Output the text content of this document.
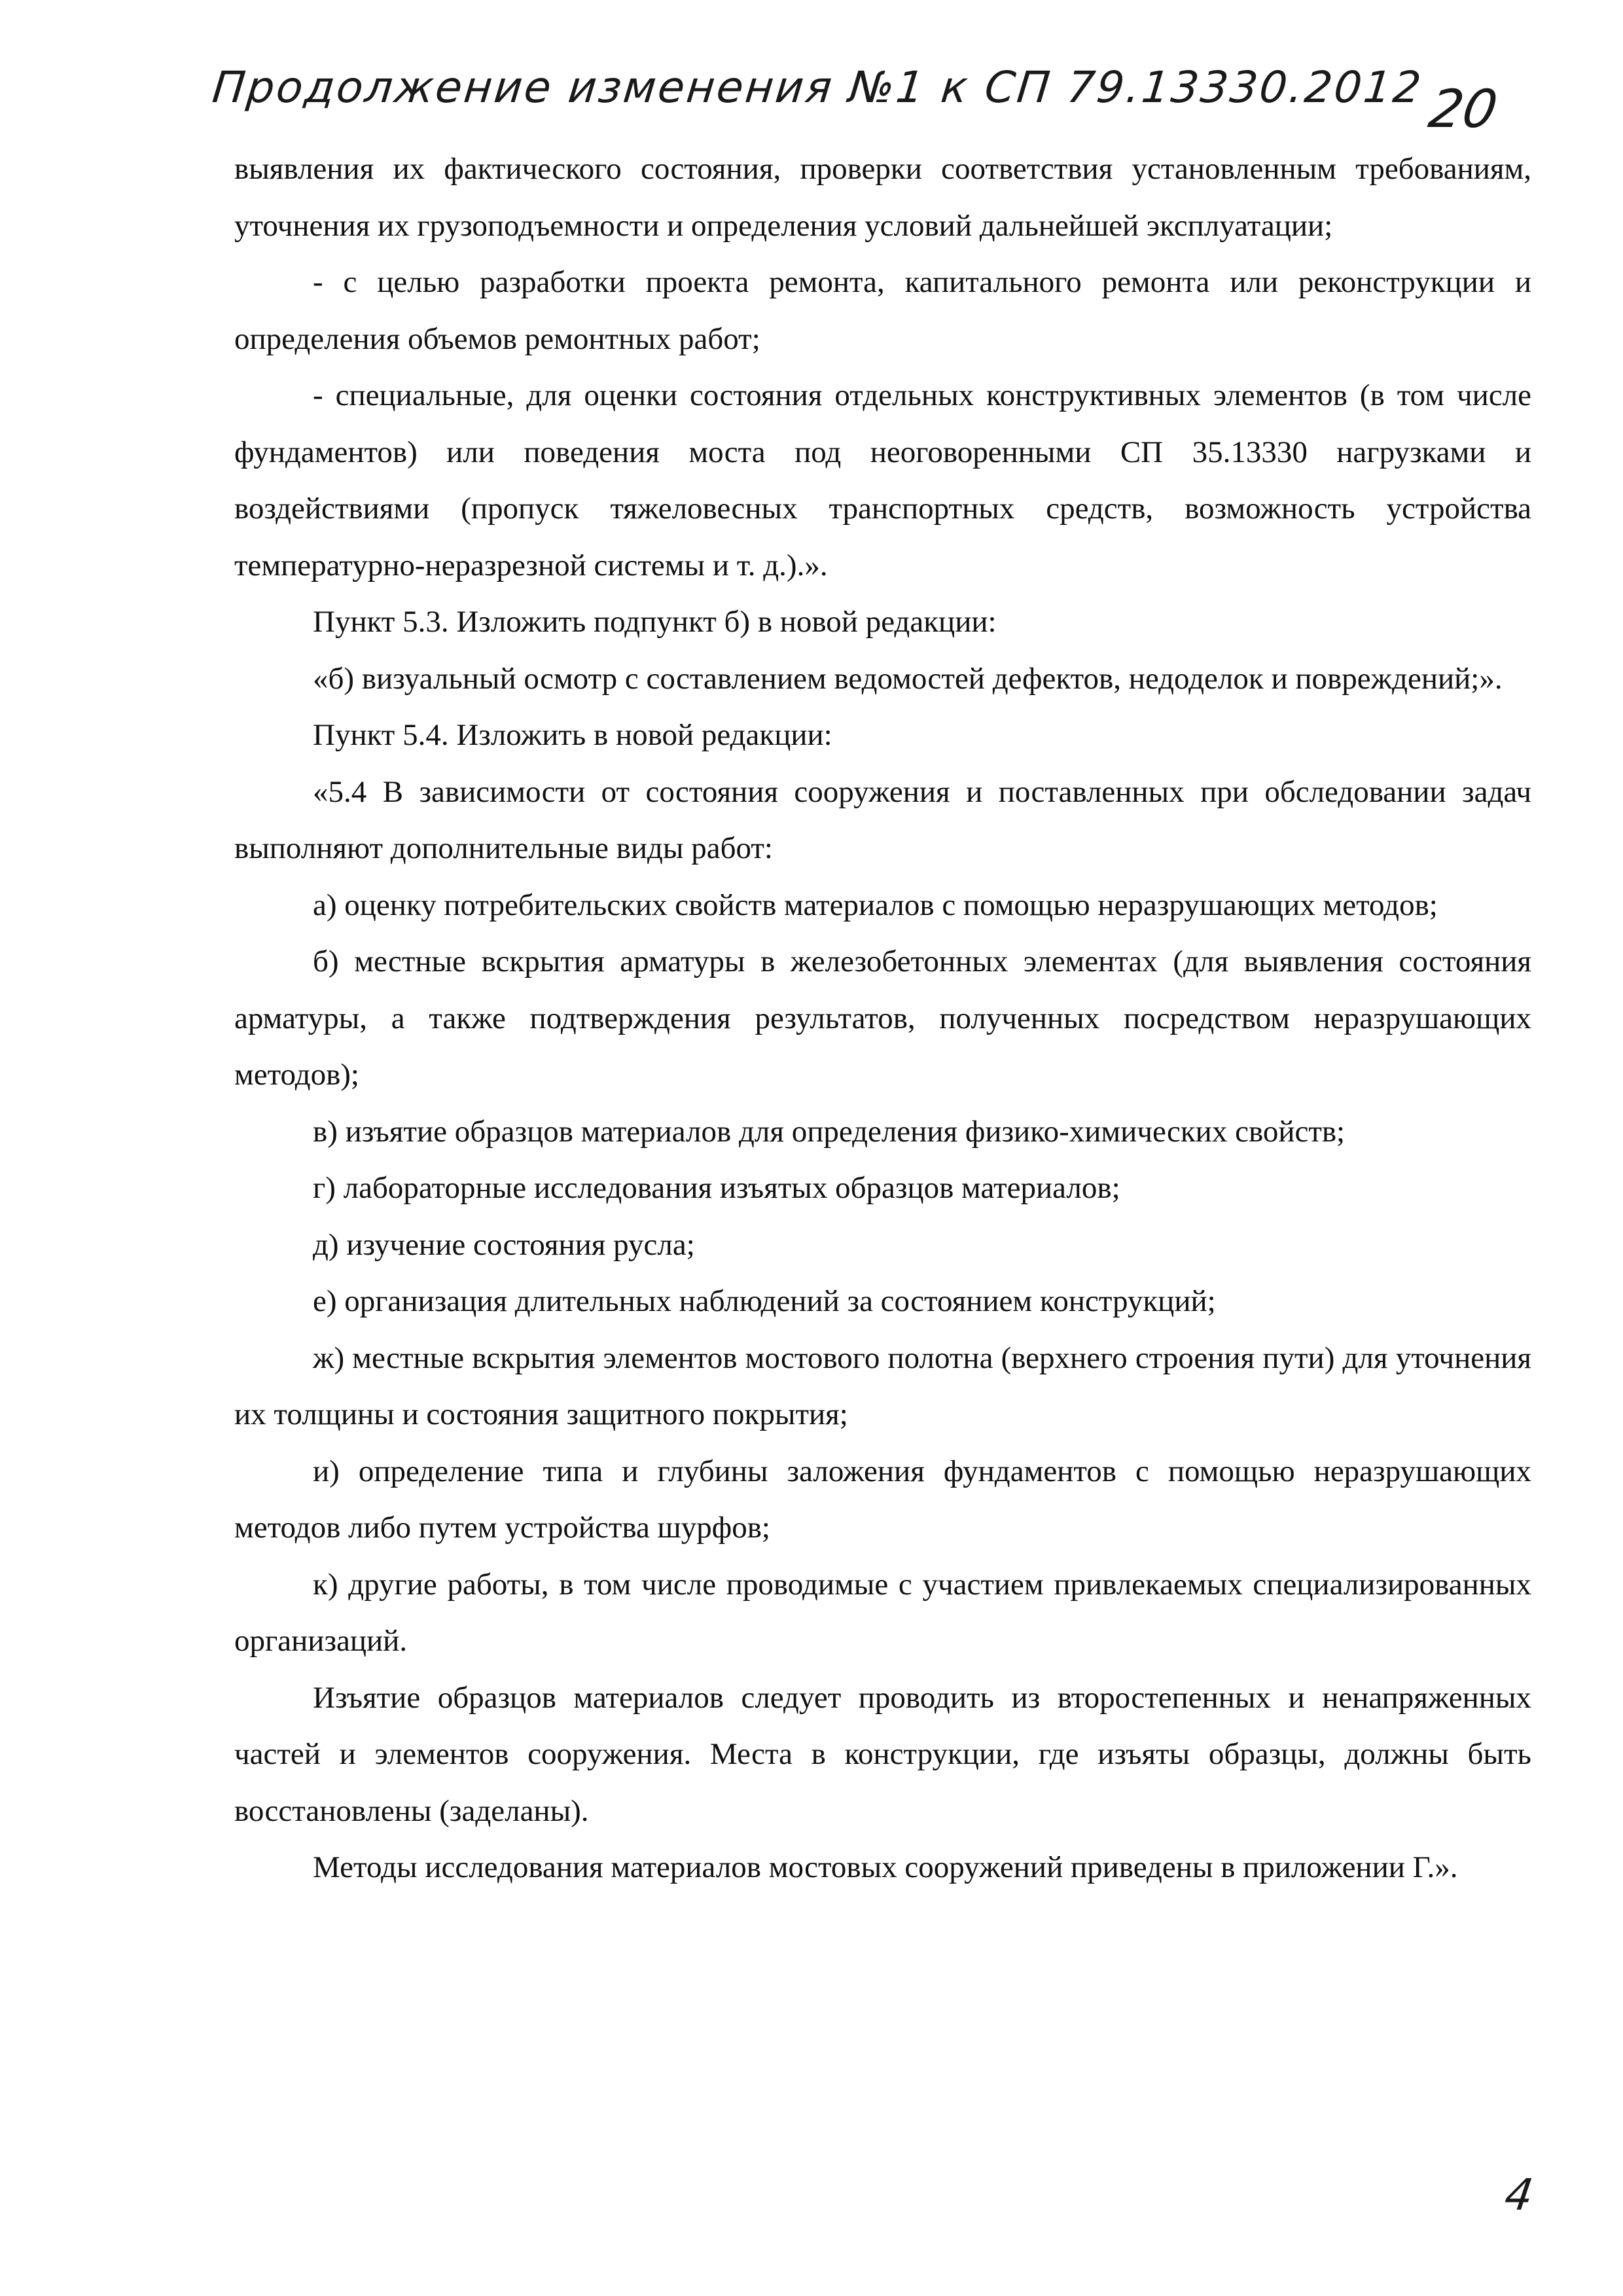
Продолжение изменения №1 к СП 79.13330.2012 20

выявления их фактического состояния, проверки соответствия установленным требованиям, уточнения их грузоподъемности и определения условий дальнейшей эксплуатации;

- с целью разработки проекта ремонта, капитального ремонта или реконструкции и определения объемов ремонтных работ;

- специальные, для оценки состояния отдельных конструктивных элементов (в том числе фундаментов) или поведения моста под неоговоренными СП 35.13330 нагрузками и воздействиями (пропуск тяжеловесных транспортных средств, возможность устройства температурно-неразрезной системы и т. д.).».

Пункт 5.3. Изложить подпункт б) в новой редакции:

«б) визуальный осмотр с составлением ведомостей дефектов, недоделок и повреждений;».

Пункт 5.4. Изложить в новой редакции:

«5.4 В зависимости от состояния сооружения и поставленных при обследовании задач выполняют дополнительные виды работ:

а) оценку потребительских свойств материалов с помощью неразрушающих методов;

б) местные вскрытия арматуры в железобетонных элементах (для выявления состояния арматуры, а также подтверждения результатов, полученных посредством неразрушающих методов);

в) изъятие образцов материалов для определения физико-химических свойств;

г) лабораторные исследования изъятых образцов материалов;

д) изучение состояния русла;

е) организация длительных наблюдений за состоянием конструкций;

ж) местные вскрытия элементов мостового полотна (верхнего строения пути) для уточнения их толщины и состояния защитного покрытия;

и) определение типа и глубины заложения фундаментов с помощью неразрушающих методов либо путем устройства шурфов;

к) другие работы, в том числе проводимые с участием привлекаемых специализированных организаций.

Изъятие образцов материалов следует проводить из второстепенных и ненапряженных частей и элементов сооружения. Места в конструкции, где изъяты образцы, должны быть восстановлены (заделаны).

Методы исследования материалов мостовых сооружений приведены в приложении Г.».

4
